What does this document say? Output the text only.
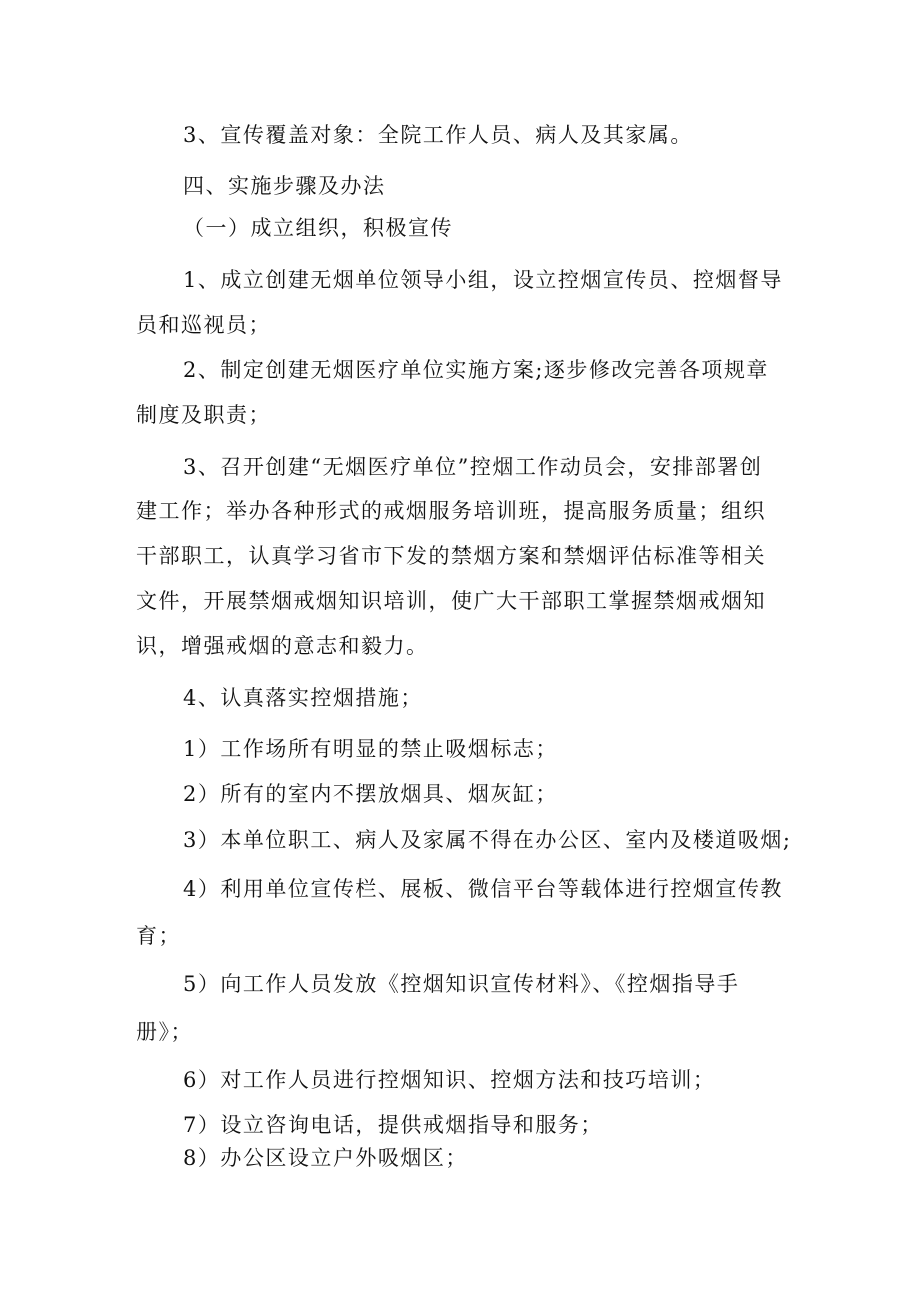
3、宣传覆盖对象：全院工作人员、病人及其家属。
四、实施步骤及办法
（一）成立组织，积极宣传
1、成立创建无烟单位领导小组，设立控烟宣传员、控烟督导
员和巡视员；
2、制定创建无烟医疗单位实施方案;逐步修改完善各项规章
制度及职责；
3、召开创建“无烟医疗单位”控烟工作动员会，安排部署创
建工作；举办各种形式的戒烟服务培训班，提高服务质量；组织
干部职工，认真学习省市下发的禁烟方案和禁烟评估标准等相关
文件，开展禁烟戒烟知识培训，使广大干部职工掌握禁烟戒烟知
识，增强戒烟的意志和毅力。
4、认真落实控烟措施；
1）工作场所有明显的禁止吸烟标志；
2）所有的室内不摆放烟具、烟灰缸；
3）本单位职工、病人及家属不得在办公区、室内及楼道吸烟;
4）利用单位宣传栏、展板、微信平台等载体进行控烟宣传教
育；
5）向工作人员发放《控烟知识宣传材料》、《控烟指导手
册》；
6）对工作人员进行控烟知识、控烟方法和技巧培训；
7）设立咨询电话，提供戒烟指导和服务；
8）办公区设立户外吸烟区；
